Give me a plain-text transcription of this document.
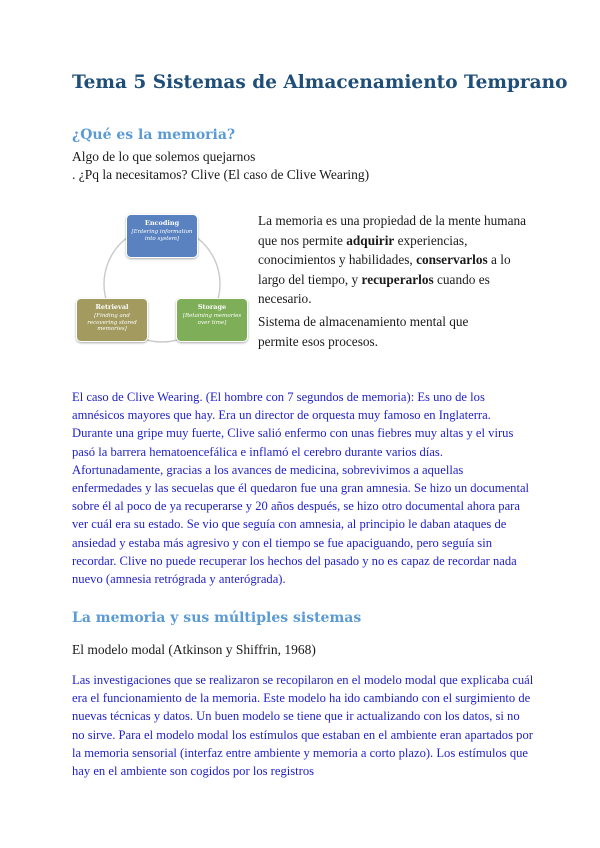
Tema 5 Sistemas de Almacenamiento Temprano
¿Qué es la memoria?
Algo de lo que solemos quejarnos
. ¿Pq la necesitamos? Clive (El caso de Clive Wearing)
Encoding
[Entering information into system]
Storage
[Retaining memories over time]
Retrieval
[Finding and recovering stored memories]
La memoria es una propiedad de la mente humana que nos permite adquirir experiencias, conocimientos y habilidades, conservarlos a lo largo del tiempo, y recuperarlos cuando es necesario.
Sistema de almacenamiento mental que permite esos procesos.
El caso de Clive Wearing. (El hombre con 7 segundos de memoria): Es uno de los amnésicos mayores que hay. Era un director de orquesta muy famoso en Inglaterra. Durante una gripe muy fuerte, Clive salió enfermo con unas fiebres muy altas y el virus pasó la barrera hematoencefálica e inflamó el cerebro durante varios días. Afortunadamente, gracias a los avances de medicina, sobrevivimos a aquellas enfermedades y las secuelas que él quedaron fue una gran amnesia. Se hizo un documental sobre él al poco de ya recuperarse y 20 años después, se hizo otro documental ahora para ver cuál era su estado. Se vio que seguía con amnesia, al principio le daban ataques de ansiedad y estaba más agresivo y con el tiempo se fue apaciguando, pero seguía sin recordar. Clive no puede recuperar los hechos del pasado y no es capaz de recordar nada nuevo (amnesia retrógrada y anterógrada).
La memoria y sus múltiples sistemas
El modelo modal (Atkinson y Shiffrin, 1968)
Las investigaciones que se realizaron se recopilaron en el modelo modal que explicaba cuál era el funcionamiento de la memoria. Este modelo ha ido cambiando con el surgimiento de nuevas técnicas y datos. Un buen modelo se tiene que ir actualizando con los datos, si no no sirve. Para el modelo modal los estímulos que estaban en el ambiente eran apartados por la memoria sensorial (interfaz entre ambiente y memoria a corto plazo). Los estímulos que hay en el ambiente son cogidos por los registros
